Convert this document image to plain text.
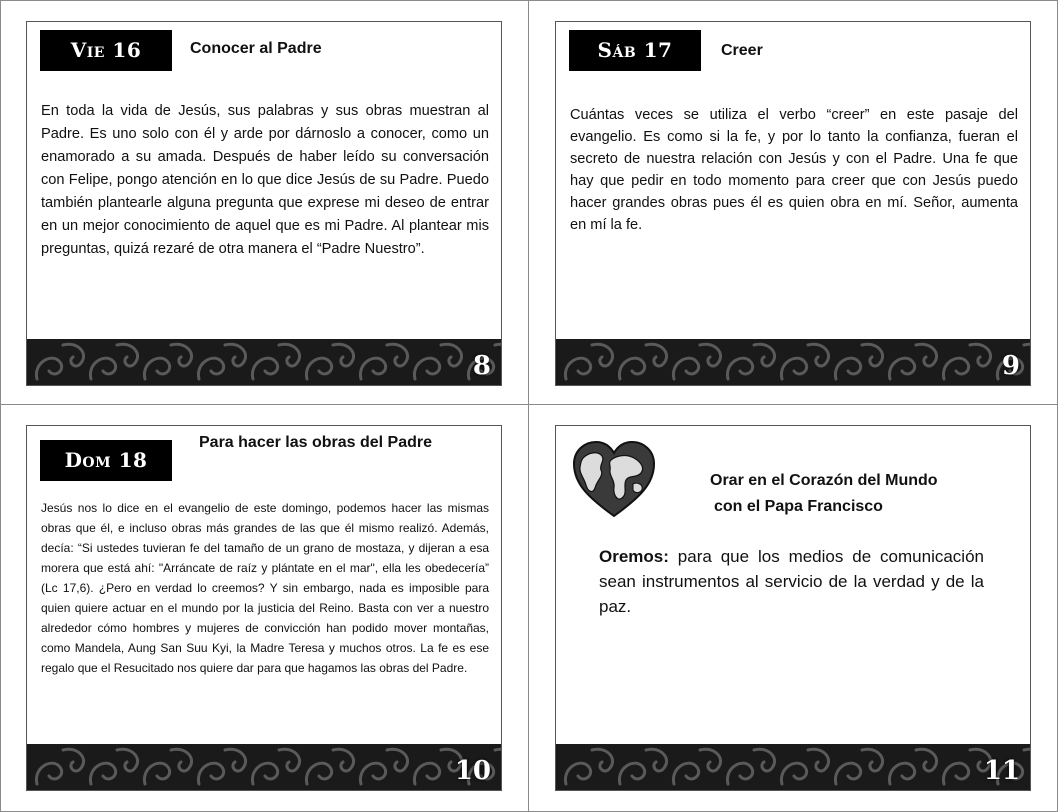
Vie 16	Conocer al Padre

En toda la vida de Jesús, sus palabras y sus obras muestran al Padre. Es uno solo con él y arde por dárnoslo a conocer, como un enamorado a su amada. Después de haber leído su conversación con Felipe, pongo atención en lo que dice Jesús de su Padre. Puedo también plantearle alguna pregunta que exprese mi deseo de entrar en un mejor conocimiento de aquel que es mi Padre. Al plantear mis preguntas, quizá rezaré de otra manera el “Padre Nuestro”.

8
Sáb 17	Creer

Cuántas veces se utiliza el verbo “creer” en este pasaje del evangelio. Es como si la fe, y por lo tanto la confianza, fueran el secreto de nuestra relación con Jesús y con el Padre. Una fe que hay que pedir en todo momento para creer que con Jesús puedo hacer grandes obras pues él es quien obra en mí. Señor, aumenta en mí la fe.

9
Para hacer las obras del Padre
Dom 18

Jesús nos lo dice en el evangelio de este domingo, podemos hacer las mismas obras que él, e incluso obras más grandes de las que él mismo realizó. Además, decía: “Si ustedes tuvieran fe del tamaño de un grano de mostaza, y dijeran a esa morera que está ahí: "Arráncate de raíz y plántate en el mar", ella les obedecería” (Lc 17,6). ¿Pero en verdad lo creemos? Y sin embargo, nada es imposible para quien quiere actuar en el mundo por la justicia del Reino. Basta con ver a nuestro alrededor cómo hombres y mujeres de convicción han podido mover montañas, como Mandela, Aung San Suu Kyi, la Madre Teresa y muchos otros. La fe es ese regalo que el Resucitado nos quiere dar para que hagamos las obras del Padre.

10
Orar en el Corazón del Mundo
con el Papa Francisco

Oremos: para que los medios de comunicación sean instrumentos al servicio de la verdad y de la paz.

11
